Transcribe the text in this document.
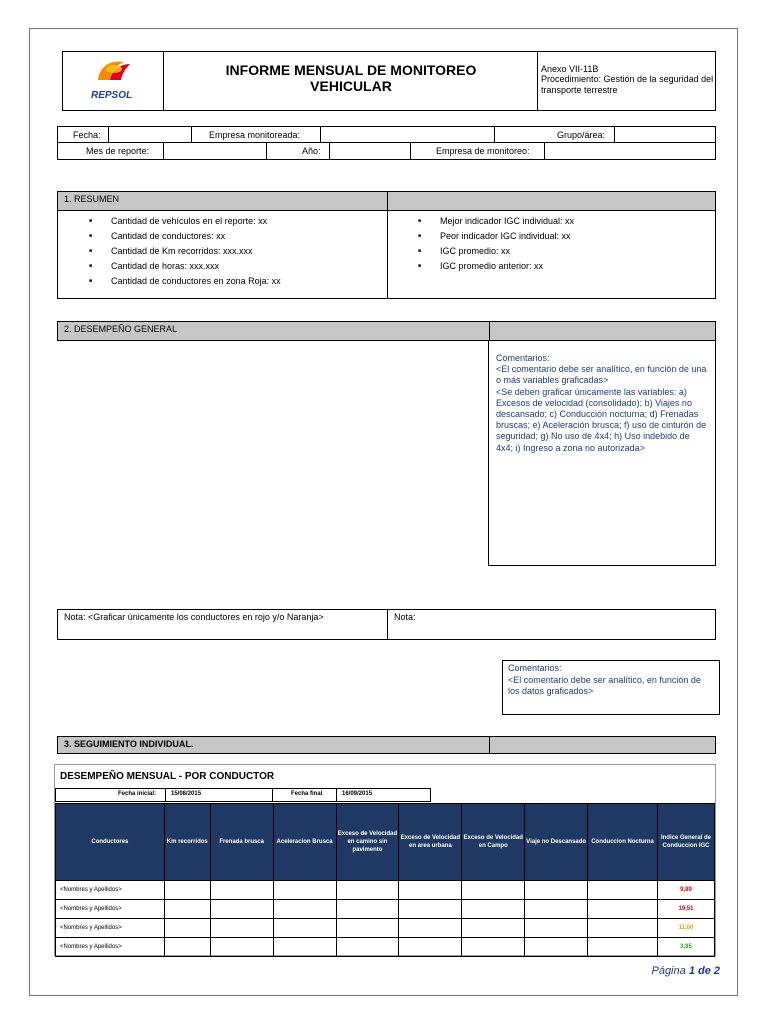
REPSOL
INFORME MENSUAL DE MONITOREO VEHICULAR
Anexo VII-11B
Procedimiento: Gestión de la seguridad del transporte terrestre
Fecha:	Empresa monitoreada:	Grupo/área:
Mes de reporte:	Año:	Empresa de monitoreo:
1. RESUMEN
■ Cantidad de vehículos en el reporte: xx
■ Cantidad de conductores: xx
■ Cantidad de Km recorridos: xxx.xxx
■ Cantidad de horas: xxx.xxx
■ Cantidad de conductores en zona Roja: xx
■ Mejor indicador IGC individual: xx
■ Peor indicador IGC individual: xx
■ IGC promedio: xx
■ IGC promedio anterior: xx
2. DESEMPEÑO GENERAL
Comentarios:
<El comentario debe ser analítico, en función de una o más variables graficadas>
<Se deben graficar únicamente las variables: a) Excesos de velocidad (consolidado); b) Viajes no descansado; c) Conducción nocturna; d) Frenadas bruscas; e) Aceleración brusca; f) uso de cinturón de seguridad; g) No uso de 4x4; h) Uso indebido de 4x4; i) Ingreso a zona no autorizada>
Nota: <Graficar únicamente los conductores en rojo y/o Naranja>	Nota:
Comentarios:
<El comentario debe ser analítico, en función de los datos graficados>
3. SEGUIMIENTO INDIVIDUAL.
DESEMPEÑO MENSUAL - POR CONDUCTOR
Fecha inicial: 15/08/2015	Fecha final	16/09/2015
Conductores	Km recorridos	Frenada brusca	Aceleracion Brusca	Exceso de Velocidad en camino sin pavimento	Exceso de Velocidad en area urbana	Exceso de Velocidad en Campo	Viaje no Descansado	Conduccion Nocturna	Indice General de Conduccion IGC
<Nombres y Apellidos>									9,89
<Nombres y Apellidos>									19,51
<Nombres y Apellidos>									11,00
<Nombres y Apellidos>									3,85
Página 1 de 2
